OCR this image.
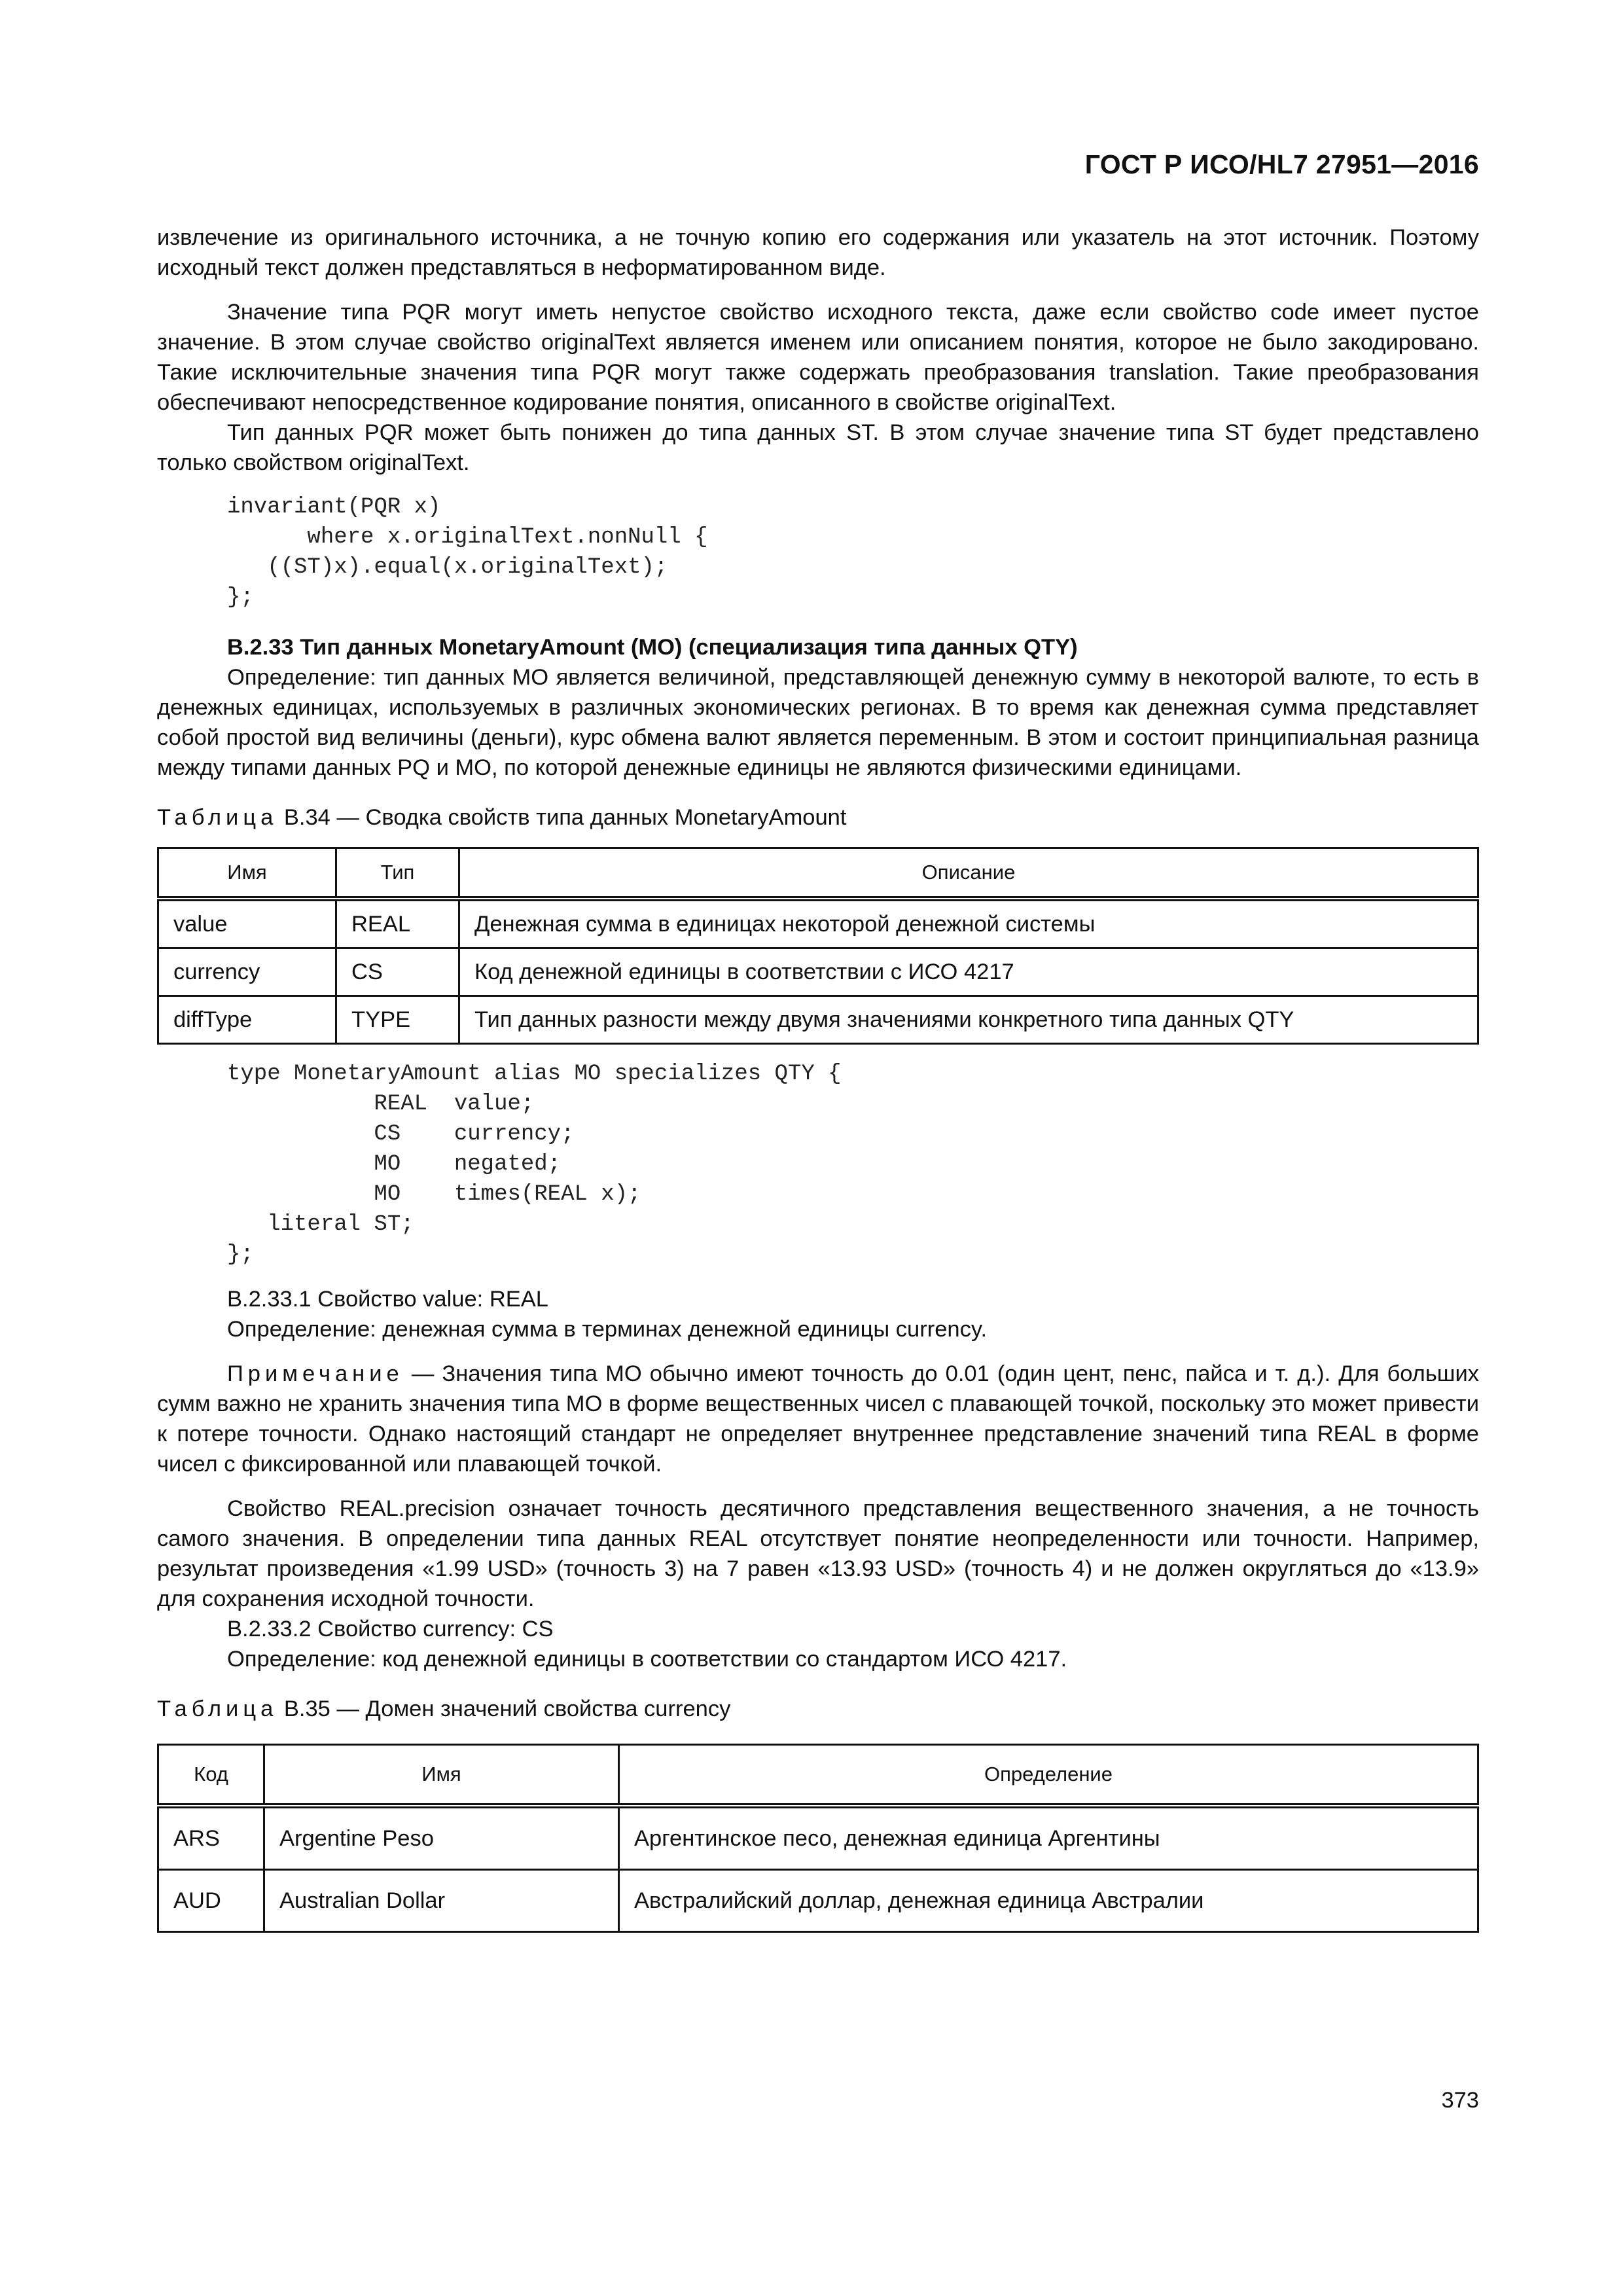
ГОСТ Р ИСО/HL7 27951—2016

извлечение из оригинального источника, а не точную копию его содержания или указатель на этот источник. Поэтому исходный текст должен представляться в неформатированном виде.

Значение типа PQR могут иметь непустое свойство исходного текста, даже если свойство code имеет пустое значение. В этом случае свойство originalText является именем или описанием понятия, которое не было закодировано. Такие исключительные значения типа PQR могут также содержать преобразования translation. Такие преобразования обеспечивают непосредственное кодирование понятия, описанного в свойстве originalText.

Тип данных PQR может быть понижен до типа данных ST. В этом случае значение типа ST будет представлено только свойством originalText.

invariant(PQR x)
where x.originalText.nonNull {
((ST)x).equal(x.originalText);
};
B.2.33 Тип данных MonetaryAmount (MO) (специализация типа данных QTY)

Определение: тип данных MO является величиной, представляющей денежную сумму в некоторой валюте, то есть в денежных единицах, используемых в различных экономических регионах. В то время как денежная сумма представляет собой простой вид величины (деньги), курс обмена валют является переменным. В этом и состоит принципиальная разница между типами данных PQ и MO, по которой денежные единицы не являются физическими единицами.

Таблица B.34 — Сводка свойств типа данных MonetaryAmount

Имя	Тип	Описание
value	REAL	Денежная сумма в единицах некоторой денежной системы
currency	CS	Код денежной единицы в соответствии с ИСО 4217
diffType	TYPE	Тип данных разности между двумя значениями конкретного типа данных QTY
type MonetaryAmount alias MO specializes QTY {
REAL  value;
CS    currency;
MO    negated;
MO    times(REAL x);
literal ST;
};

B.2.33.1 Свойство value: REAL

Определение: денежная сумма в терминах денежной единицы currency.

Примечание — Значения типа MO обычно имеют точность до 0.01 (один цент, пенс, пайса и т. д.). Для больших сумм важно не хранить значения типа MO в форме вещественных чисел с плавающей точкой, поскольку это может привести к потере точности. Однако настоящий стандарт не определяет внутреннее представление значений типа REAL в форме чисел с фиксированной или плавающей точкой.

Свойство REAL.precision означает точность десятичного представления вещественного значения, а не точность самого значения. В определении типа данных REAL отсутствует понятие неопределенности или точности. Например, результат произведения «1.99 USD» (точность 3) на 7 равен «13.93 USD» (точность 4) и не должен округляться до «13.9» для сохранения исходной точности.

B.2.33.2 Свойство currency: CS

Определение: код денежной единицы в соответствии со стандартом ИСО 4217.

Таблица B.35 — Домен значений свойства currency

Код	Имя	Определение
ARS	Argentine Peso	Аргентинское песо, денежная единица Аргентины
AUD	Australian Dollar	Австралийский доллар, денежная единица Австралии
373
